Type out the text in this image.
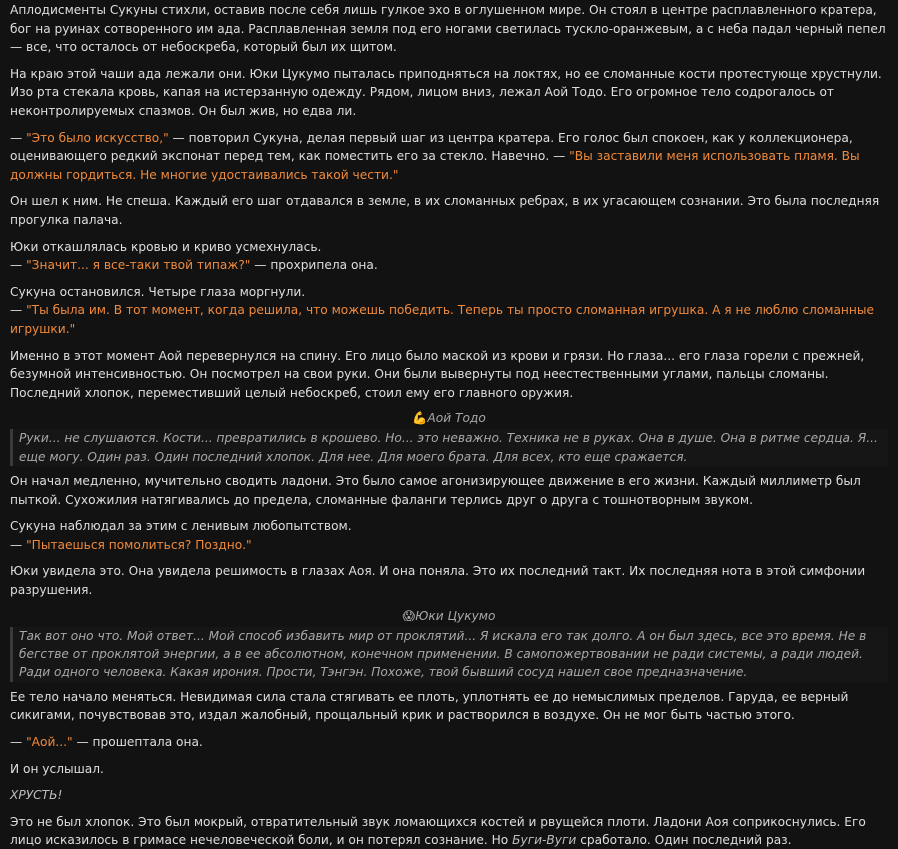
Аплодисменты Сукуны стихли, оставив после себя лишь гулкое эхо в оглушенном мире. Он стоял в центре расплавленного кратера, бог на руинах сотворенного им ада. Расплавленная земля под его ногами светилась тускло-оранжевым, а с неба падал черный пепел — все, что осталось от небоскреба, который был их щитом.

На краю этой чаши ада лежали они. Юки Цукумо пыталась приподняться на локтях, но ее сломанные кости протестующе хрустнули. Изо рта стекала кровь, капая на истерзанную одежду. Рядом, лицом вниз, лежал Аой Тодо. Его огромное тело содрогалось от неконтролируемых спазмов. Он был жив, но едва ли.

— "Это было искусство," — повторил Сукуна, делая первый шаг из центра кратера. Его голос был спокоен, как у коллекционера, оценивающего редкий экспонат перед тем, как поместить его за стекло. Навечно. — "Вы заставили меня использовать пламя. Вы должны гордиться. Не многие удостаивались такой чести."

Он шел к ним. Не спеша. Каждый его шаг отдавался в земле, в их сломанных ребрах, в их угасающем сознании. Это была последняя прогулка палача.

Юки откашлялась кровью и криво усмехнулась.
— "Значит... я все-таки твой типаж?" — прохрипела она.

Сукуна остановился. Четыре глаза моргнули.
— "Ты была им. В тот момент, когда решила, что можешь победить. Теперь ты просто сломанная игрушка. А я не люблю сломанные игрушки."

Именно в этот момент Аой перевернулся на спину. Его лицо было маской из крови и грязи. Но глаза... его глаза горели с прежней, безумной интенсивностью. Он посмотрел на свои руки. Они были вывернуты под неестественными углами, пальцы сломаны. Последний хлопок, переместивший целый небоскреб, стоил ему его главного оружия.

💪Аой Тодо
Руки... не слушаются. Кости... превратились в крошево. Но... это неважно. Техника не в руках. Она в душе. Она в ритме сердца. Я... еще могу. Один раз. Один последний хлопок. Для нее. Для моего брата. Для всех, кто еще сражается.

Он начал медленно, мучительно сводить ладони. Это было самое агонизирующее движение в его жизни. Каждый миллиметр был пыткой. Сухожилия натягивались до предела, сломанные фаланги терлись друг о друга с тошнотворным звуком.

Сукуна наблюдал за этим с ленивым любопытством.
— "Пытаешься помолиться? Поздно."

Юки увидела это. Она увидела решимость в глазах Аоя. И она поняла. Это их последний такт. Их последняя нота в этой симфонии разрушения.

😱Юки Цукумо
Так вот оно что. Мой ответ... Мой способ избавить мир от проклятий... Я искала его так долго. А он был здесь, все это время. Не в бегстве от проклятой энергии, а в ее абсолютном, конечном применении. В самопожертвовании не ради системы, а ради людей. Ради одного человека. Какая ирония. Прости, Тэнгэн. Похоже, твой бывший сосуд нашел свое предназначение.

Ее тело начало меняться. Невидимая сила стала стягивать ее плоть, уплотнять ее до немыслимых пределов. Гаруда, ее верный сикигами, почувствовав это, издал жалобный, прощальный крик и растворился в воздухе. Он не мог быть частью этого.

— "Аой..." — прошептала она.

И он услышал.

ХРУСТЬ!

Это не был хлопок. Это был мокрый, отвратительный звук ломающихся костей и рвущейся плоти. Ладони Аоя соприкоснулись. Его лицо исказилось в гримасе нечеловеческой боли, и он потерял сознание. Но Буги-Вуги сработало. Один последний раз.
